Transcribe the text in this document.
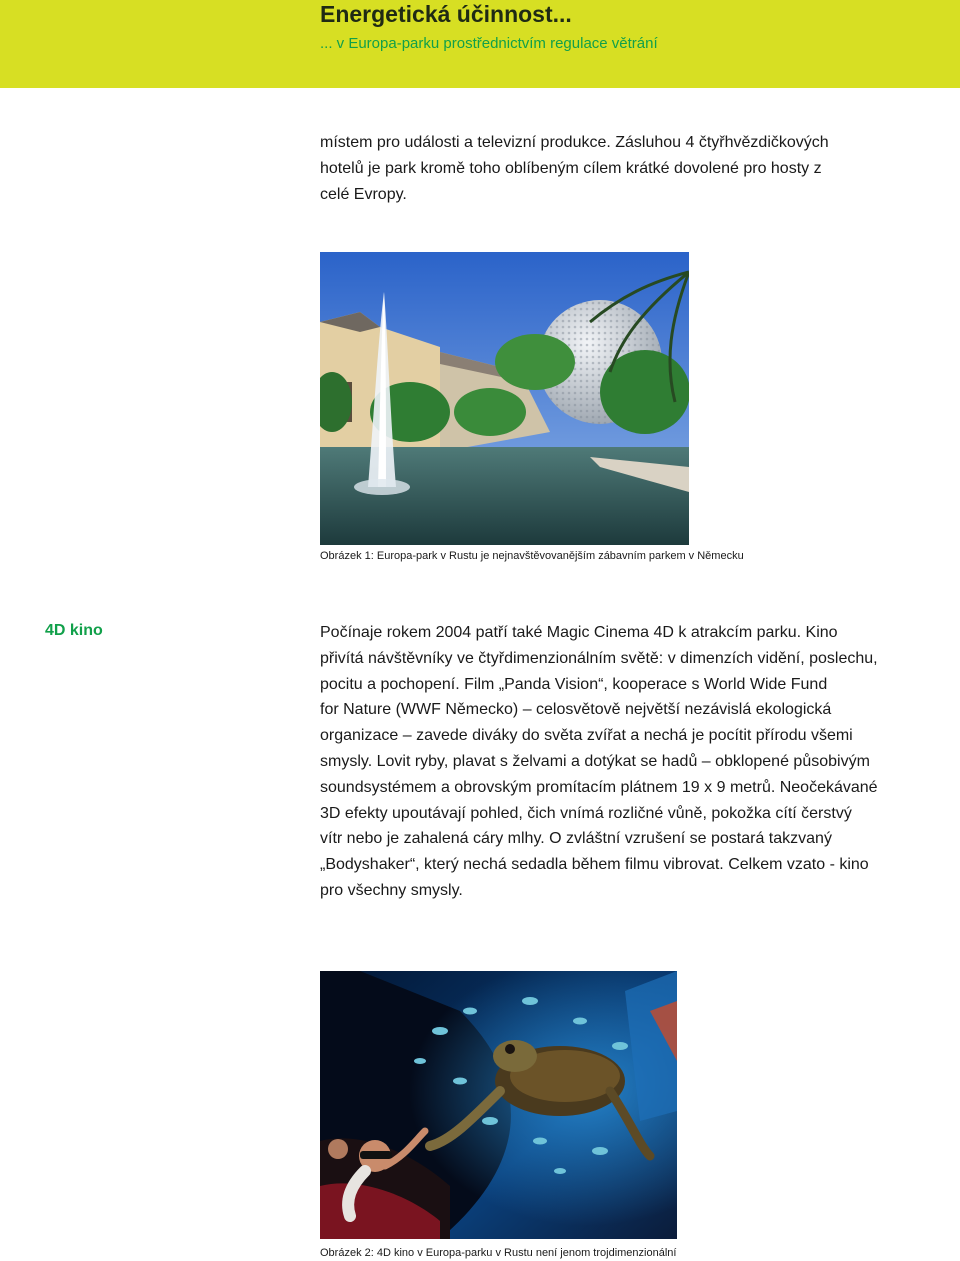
Energetická účinnost...
... v Europa-parku prostřednictvím regulace větrání

místem pro události a televizní produkce. Zásluhou 4 čtyřhvězdičkových
hotelů je park kromě toho oblíbeným cílem krátké dovolené pro hosty z
celé Evropy.

Obrázek 1: Europa-park v Rustu je nejnavštěvovanějším zábavním parkem v Německu
4D kino	Počínaje rokem 2004 patří také Magic Cinema 4D k atrakcím parku. Kino
přivítá návštěvníky ve čtyřdimenzionálním světě: v dimenzích vidění, poslechu,
pocitu a pochopení. Film „Panda Vision“, kooperace s World Wide Fund
for Nature (WWF Německo) – celosvětově největší nezávislá ekologická
organizace – zavede diváky do světa zvířat a nechá je pocítit přírodu všemi
smysly. Lovit ryby, plavat s želvami a dotýkat se hadů – obklopené působivým
soundsystémem a obrovským promítacím plátnem 19 x 9 metrů. Neočekávané
3D efekty upoutávají pohled, čich vnímá rozličné vůně, pokožka cítí čerstvý
vítr nebo je zahalená cáry mlhy. O zvláštní vzrušení se postará takzvaný
„Bodyshaker“, který nechá sedadla během filmu vibrovat. Celkem vzato - kino
pro všechny smysly.

Obrázek 2: 4D kino v Europa-parku v Rustu není jenom trojdimenzionální
